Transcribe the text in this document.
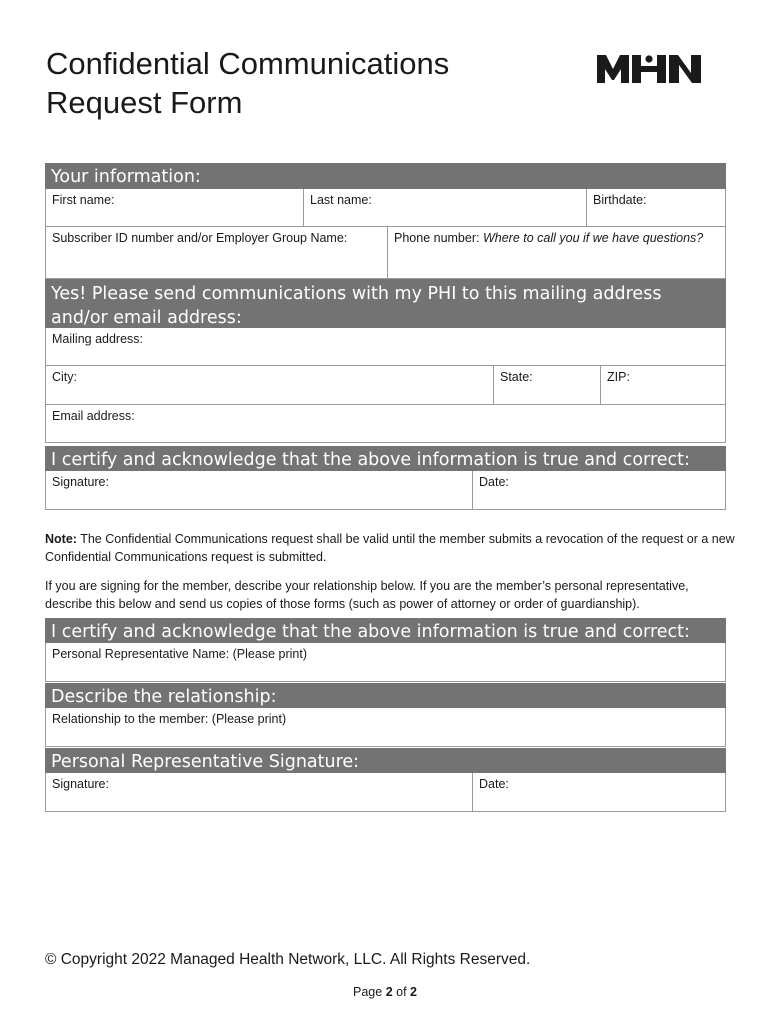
Confidential Communications
Request Form
Your information:
First name:	Last name:	Birthdate:
Subscriber ID number and/or Employer Group Name:	Phone number: Where to call you if we have questions?
Yes! Please send communications with my PHI to this mailing address and/or email address:
Mailing address:
City:	State:	ZIP:
Email address:
I certify and acknowledge that the above information is true and correct:
Signature:	Date:
Note: The Confidential Communications request shall be valid until the member submits a revocation of the request or a new Confidential Communications request is submitted.
If you are signing for the member, describe your relationship below. If you are the member’s personal representative, describe this below and send us copies of those forms (such as power of attorney or order of guardianship).
I certify and acknowledge that the above information is true and correct:
Personal Representative Name: (Please print)
Describe the relationship:
Relationship to the member: (Please print)
Personal Representative Signature:
Signature:	Date:
© Copyright 2022 Managed Health Network, LLC. All Rights Reserved.
Page 2 of 2
